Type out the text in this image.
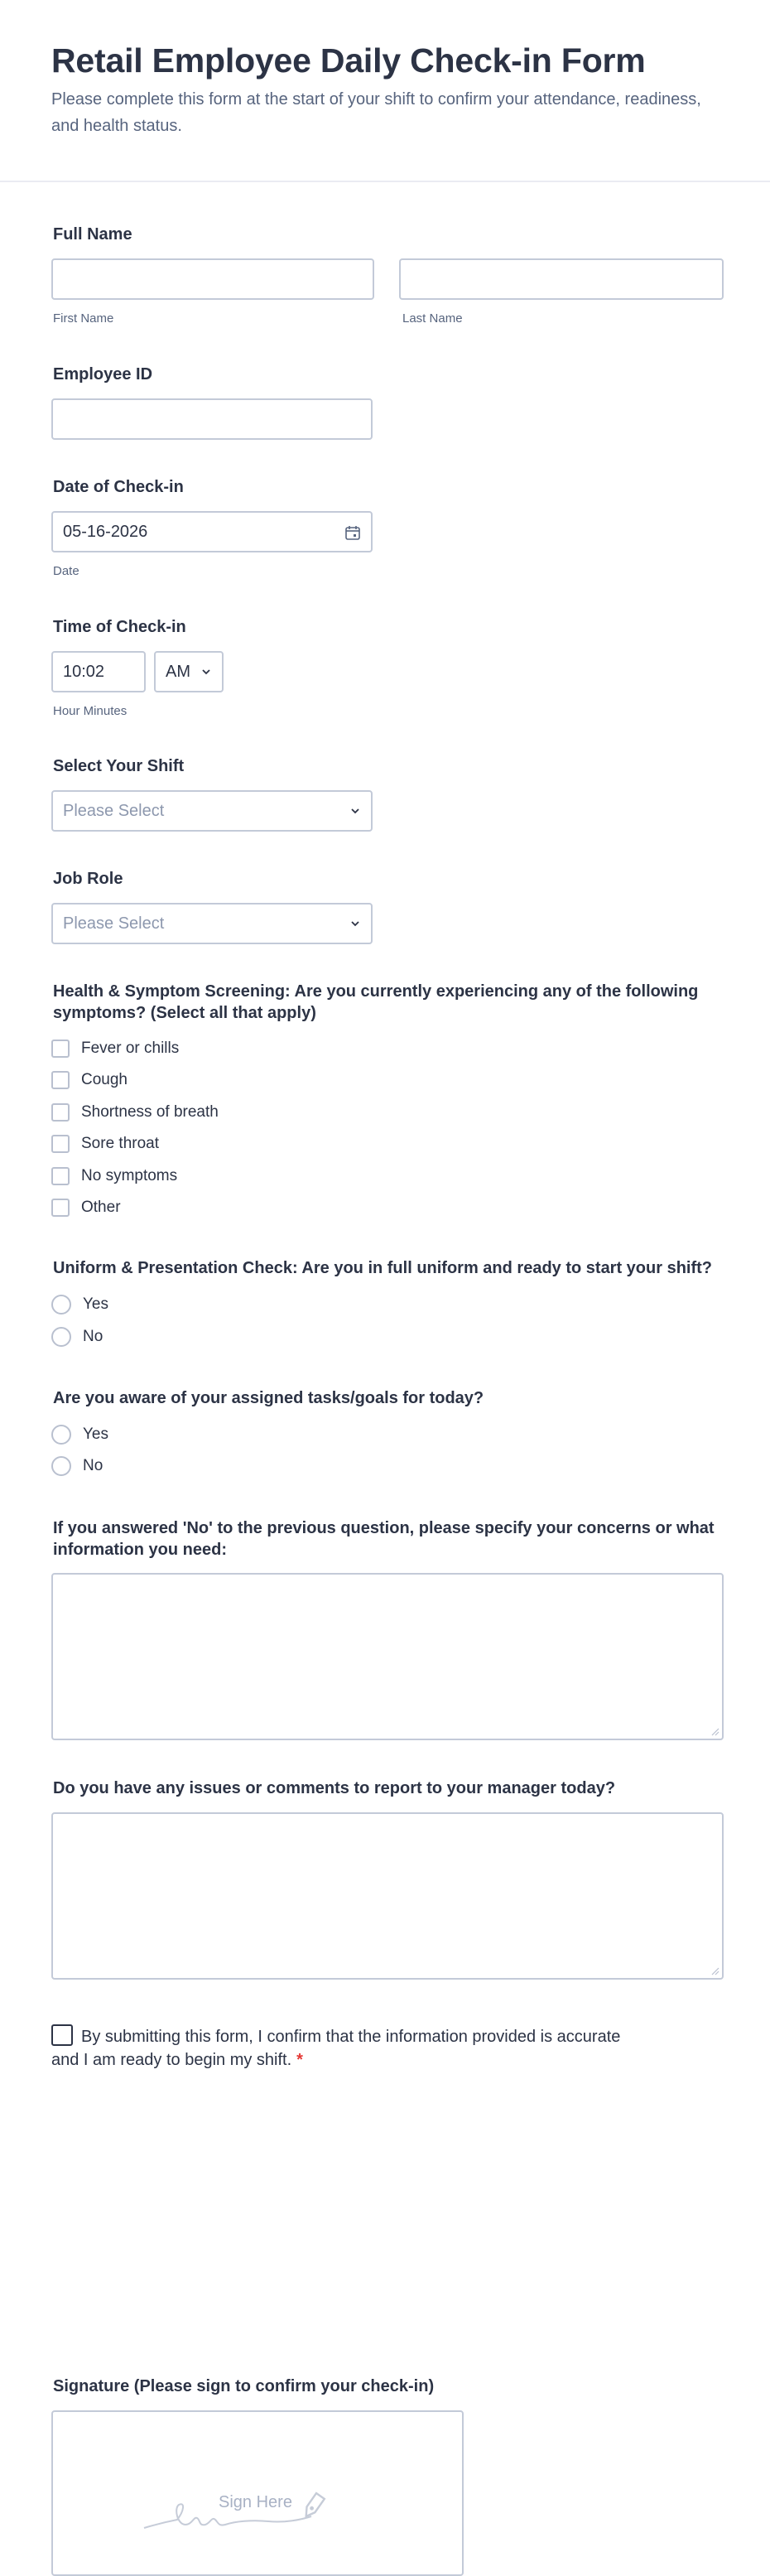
Retail Employee Daily Check-in Form
Please complete this form at the start of your shift to confirm your attendance, readiness, and health status.
Full Name
First Name	Last Name
Employee ID
Date of Check-in
05-16-2026
Date
Time of Check-in
10:02	AM
Hour Minutes
Select Your Shift
Please Select
Job Role
Please Select
Health & Symptom Screening: Are you currently experiencing any of the following symptoms? (Select all that apply)
Fever or chills
Cough
Shortness of breath
Sore throat
No symptoms
Other
Uniform & Presentation Check: Are you in full uniform and ready to start your shift?
Yes
No
Are you aware of your assigned tasks/goals for today?
Yes
No
If you answered 'No' to the previous question, please specify your concerns or what information you need:
Do you have any issues or comments to report to your manager today?
By submitting this form, I confirm that the information provided is accurate and I am ready to begin my shift. *
Signature (Please sign to confirm your check-in)
Sign Here
